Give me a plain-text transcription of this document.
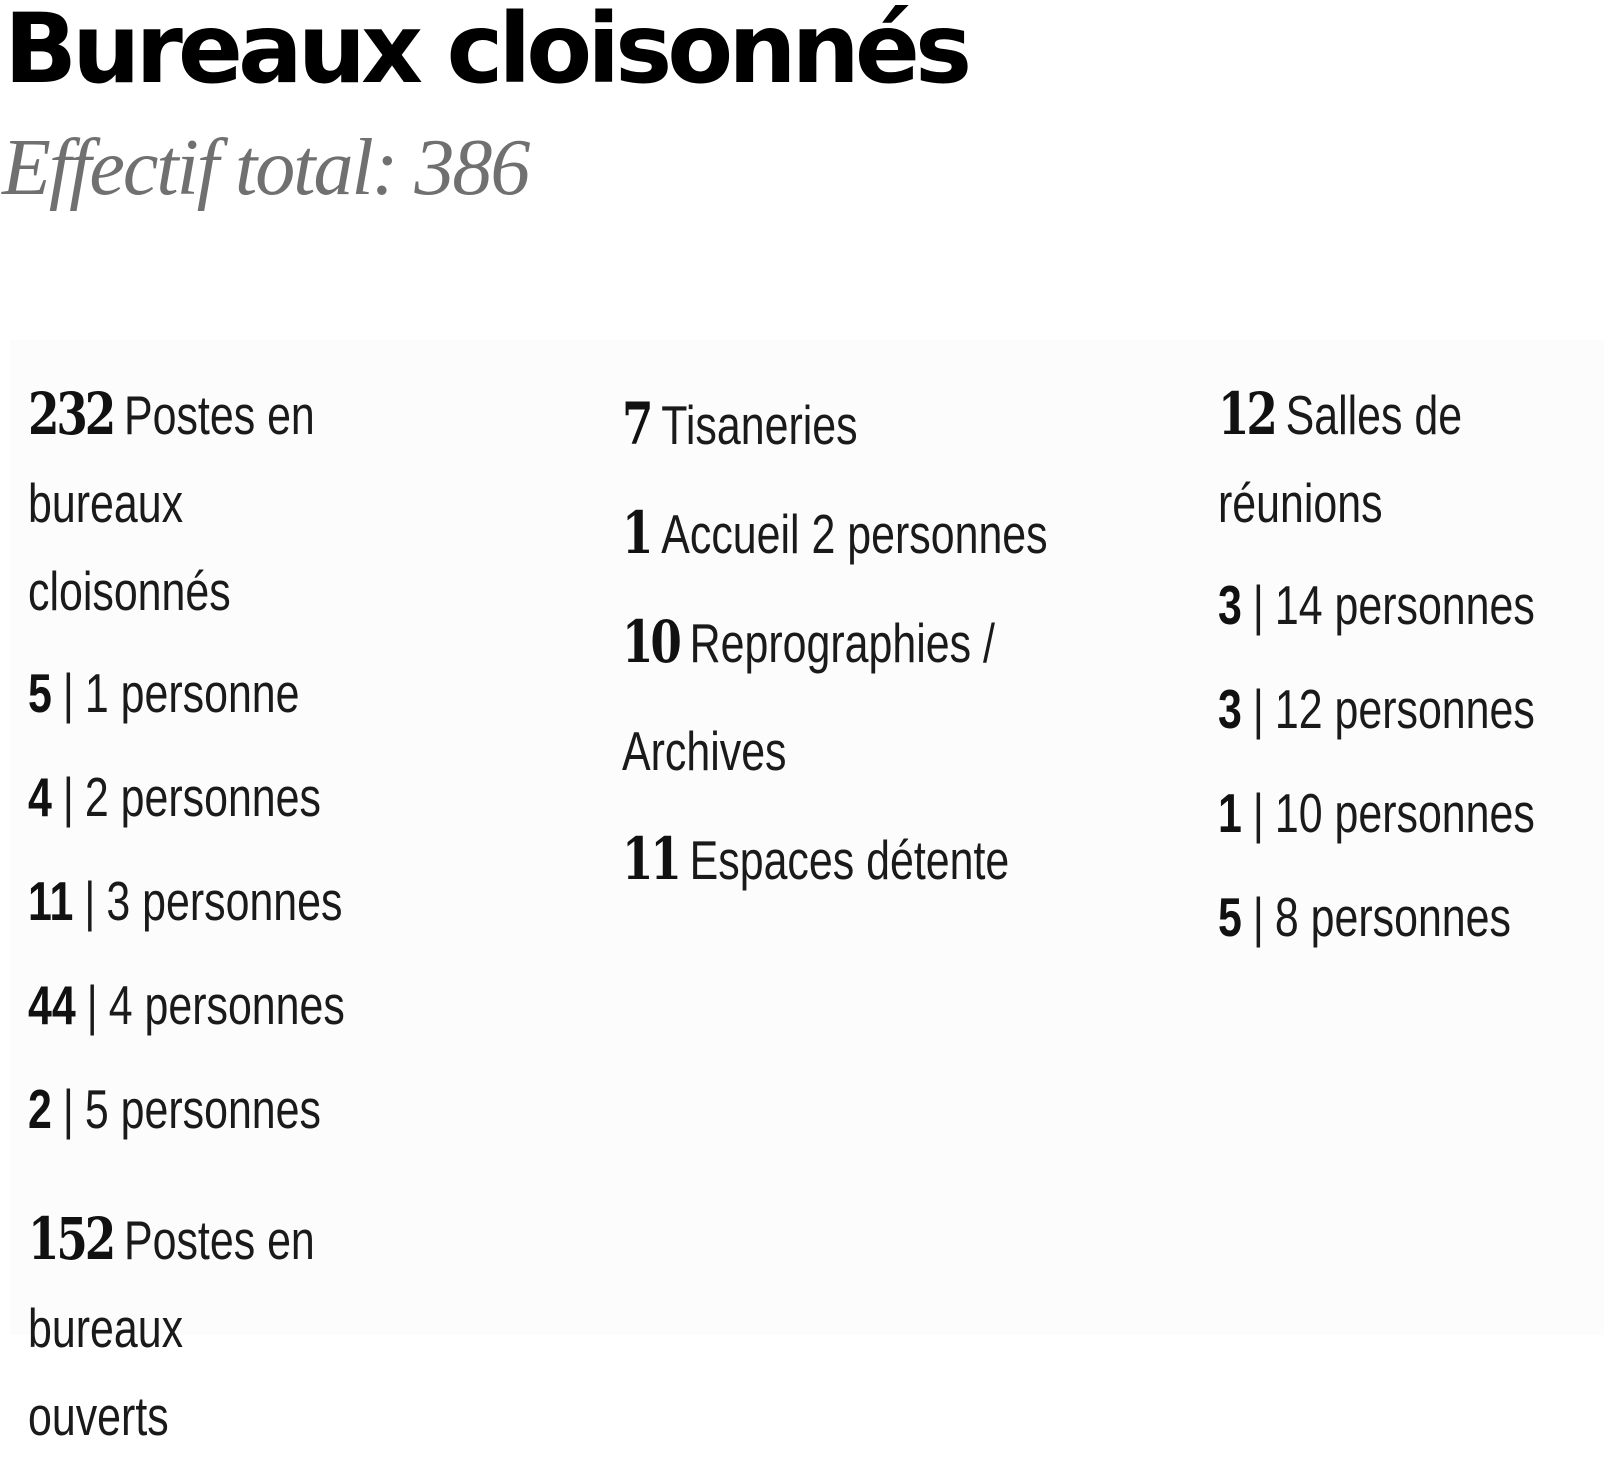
Bureaux cloisonnés
Effectif total: 386
232 Postes en bureaux
cloisonnés
5 | 1 personne
4 | 2 personnes
11 | 3 personnes
44 | 4 personnes
2 | 5 personnes
152 Postes en bureaux
ouverts
7 Tisaneries
1 Accueil 2 personnes
10 Reprographies /
Archives
11 Espaces détente
12 Salles de
réunions
3 | 14 personnes
3 | 12 personnes
1 | 10 personnes
5 | 8 personnes
